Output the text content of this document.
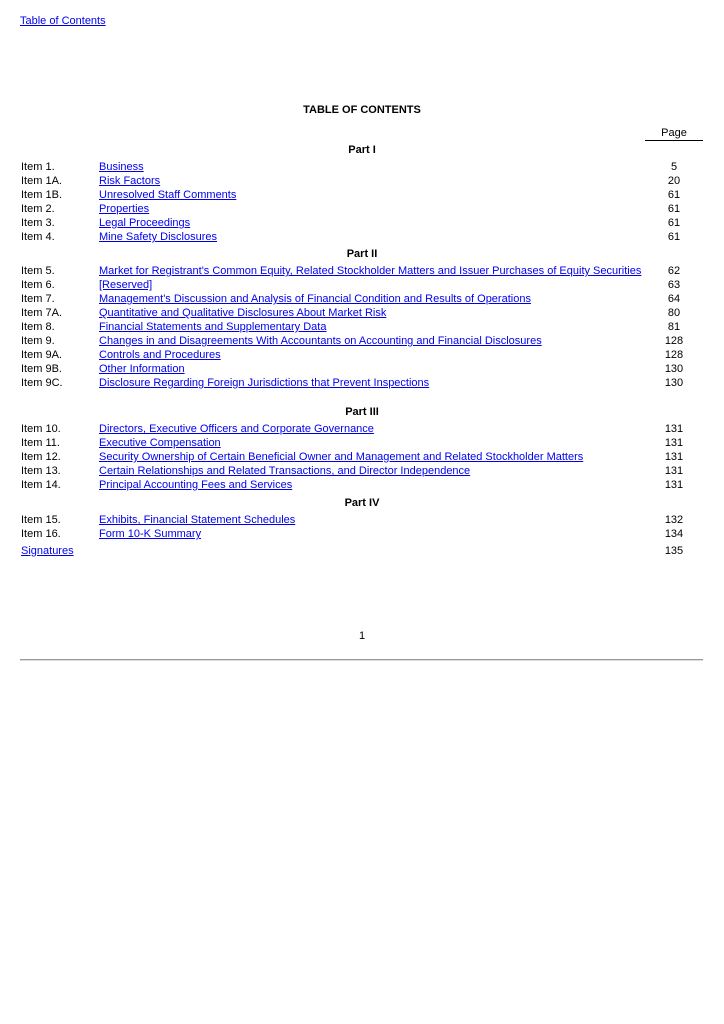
Table of Contents
TABLE OF CONTENTS
Page
Part I
Item 1.	Business	5
Item 1A.	Risk Factors	20
Item 1B.	Unresolved Staff Comments	61
Item 2.	Properties	61
Item 3.	Legal Proceedings	61
Item 4.	Mine Safety Disclosures	61
Part II
Item 5.	Market for Registrant's Common Equity, Related Stockholder Matters and Issuer Purchases of Equity Securities	62
Item 6.	[Reserved]	63
Item 7.	Management's Discussion and Analysis of Financial Condition and Results of Operations	64
Item 7A.	Quantitative and Qualitative Disclosures About Market Risk	80
Item 8.	Financial Statements and Supplementary Data	81
Item 9.	Changes in and Disagreements With Accountants on Accounting and Financial Disclosures	128
Item 9A.	Controls and Procedures	128
Item 9B.	Other Information	130
Item 9C.	Disclosure Regarding Foreign Jurisdictions that Prevent Inspections	130
Part III
Item 10.	Directors, Executive Officers and Corporate Governance	131
Item 11.	Executive Compensation	131
Item 12.	Security Ownership of Certain Beneficial Owner and Management and Related Stockholder Matters	131
Item 13.	Certain Relationships and Related Transactions, and Director Independence	131
Item 14.	Principal Accounting Fees and Services	131
Part IV
Item 15.	Exhibits, Financial Statement Schedules	132
Item 16.	Form 10-K Summary	134
Signatures	135
1
